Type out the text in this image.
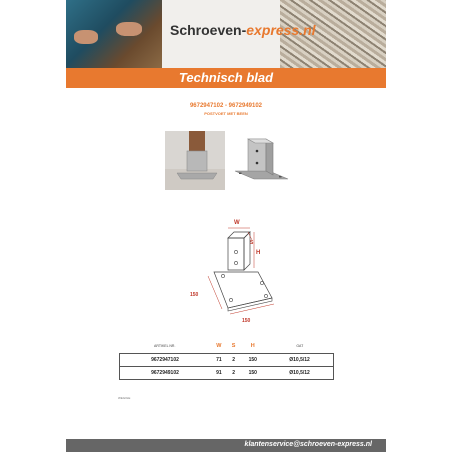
Schroeven-express.nl
Technisch blad
9672947102 - 9672949102
POSTVOET MET BEEN
W
S
H
150
150
ARTIKEL NR.	W	S	H	GAT
9672947102	71	2	150	Ø10,5/12
9672949102	91	2	150	Ø10,5/12
WEGIGE
klantenservice@schroeven-express.nl
